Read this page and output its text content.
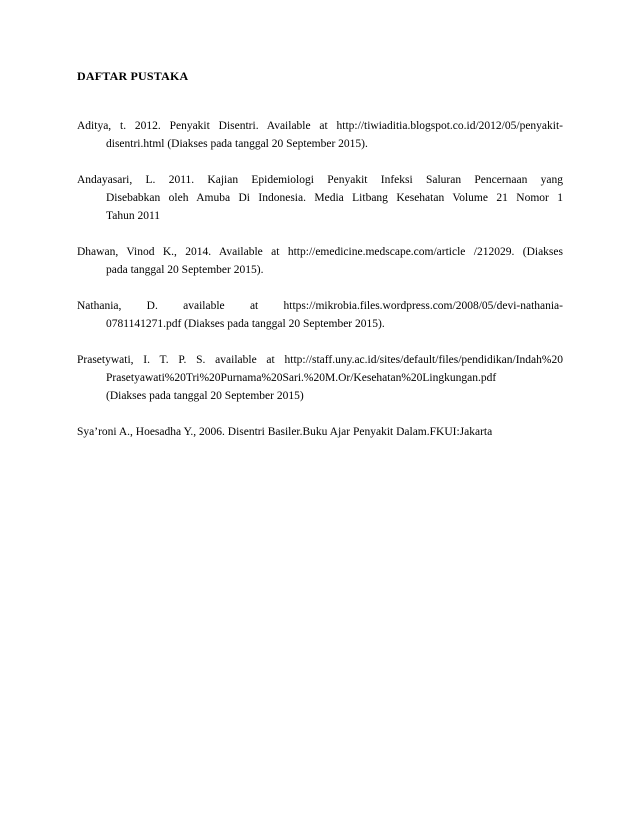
DAFTAR PUSTAKA
Aditya, t. 2012. Penyakit Disentri. Available at http://tiwiaditia.blogspot.co.id/2012/05/penyakit-
disentri.html (Diakses pada tanggal 20 September 2015).
Andayasari, L. 2011. Kajian Epidemiologi Penyakit Infeksi Saluran Pencernaan yang
Disebabkan oleh Amuba Di Indonesia. Media Litbang Kesehatan Volume 21 Nomor 1
Tahun 2011
Dhawan, Vinod K., 2014. Available at http://emedicine.medscape.com/article /212029. (Diakses
pada tanggal 20 September 2015).
Nathania, D. available at https://mikrobia.files.wordpress.com/2008/05/devi-nathania-
0781141271.pdf (Diakses pada tanggal 20 September 2015).
Prasetywati, I. T. P. S. available at http://staff.uny.ac.id/sites/default/files/pendidikan/Indah%20
Prasetyawati%20Tri%20Purnama%20Sari.%20M.Or/Kesehatan%20Lingkungan.pdf
(Diakses pada tanggal 20 September 2015)
Sya’roni A., Hoesadha Y., 2006. Disentri Basiler.Buku Ajar Penyakit Dalam.FKUI:Jakarta
